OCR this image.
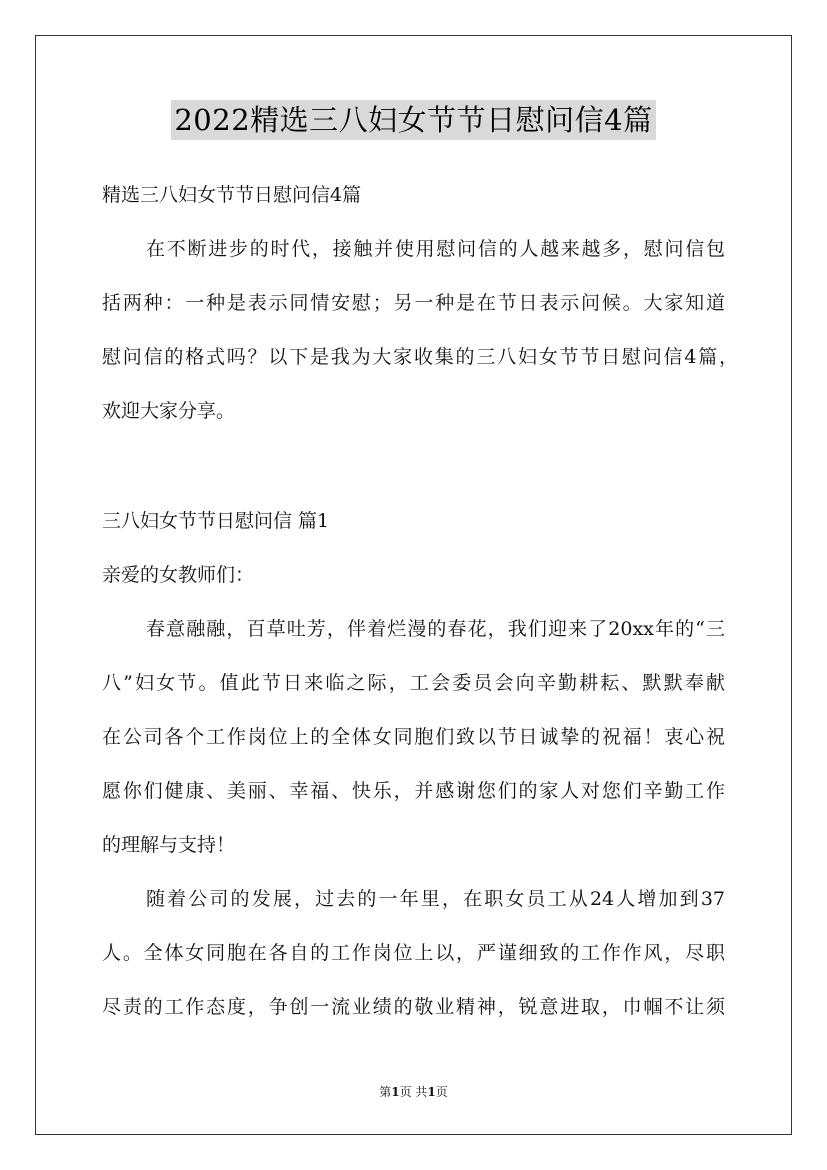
2022精选三八妇女节节日慰问信4篇
精选三八妇女节节日慰问信4篇
在不断进步的时代，接触并使用慰问信的人越来越多，慰问信包
括两种：一种是表示同情安慰；另一种是在节日表示问候。大家知道
慰问信的格式吗？以下是我为大家收集的三八妇女节节日慰问信4篇，
欢迎大家分享。
三八妇女节节日慰问信 篇1
亲爱的女教师们：
春意融融，百草吐芳，伴着烂漫的春花，我们迎来了20xx年的“三
八”妇女节。值此节日来临之际，工会委员会向辛勤耕耘、默默奉献
在公司各个工作岗位上的全体女同胞们致以节日诚挚的祝福！衷心祝
愿你们健康、美丽、幸福、快乐，并感谢您们的家人对您们辛勤工作
的理解与支持！
随着公司的发展，过去的一年里，在职女员工从24人增加到37
人。全体女同胞在各自的工作岗位上以，严谨细致的工作作风，尽职
尽责的工作态度，争创一流业绩的敬业精神，锐意进取，巾帼不让须
第1页 共1页
